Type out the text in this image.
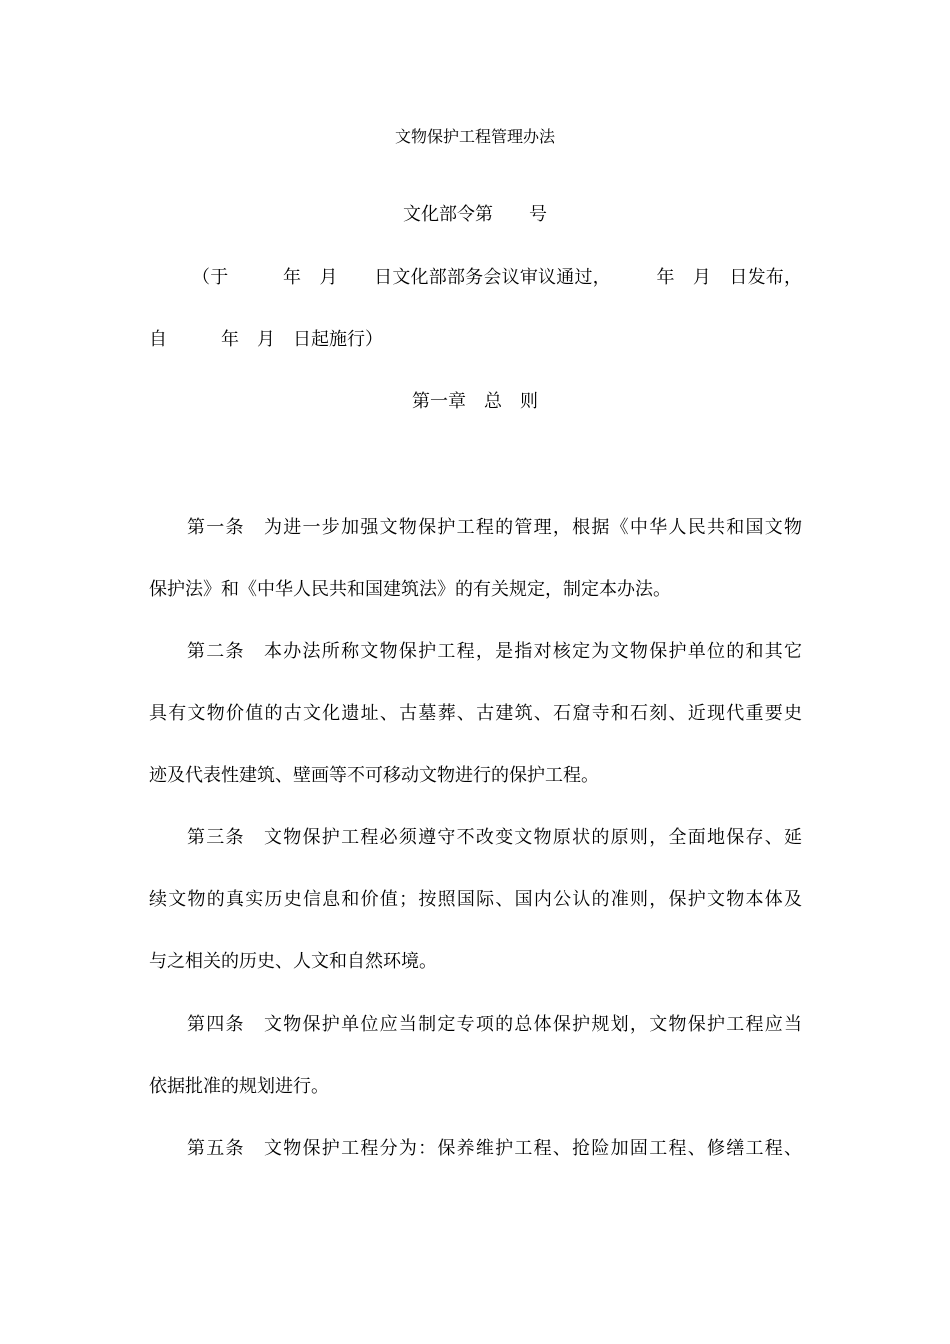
文物保护工程管理办法
文化部令第　　号
（于　　　年　月　　日文化部部务会议审议通过，　　　年　月　日发布，
自　　　年　月　日起施行）
第一章　总　则
第一条　为进一步加强文物保护工程的管理，根据《中华人民共和国文物
保护法》和《中华人民共和国建筑法》的有关规定，制定本办法。
第二条　本办法所称文物保护工程，是指对核定为文物保护单位的和其它
具有文物价值的古文化遗址、古墓葬、古建筑、石窟寺和石刻、近现代重要史
迹及代表性建筑、壁画等不可移动文物进行的保护工程。
第三条　文物保护工程必须遵守不改变文物原状的原则，全面地保存、延
续文物的真实历史信息和价值；按照国际、国内公认的准则，保护文物本体及
与之相关的历史、人文和自然环境。
第四条　文物保护单位应当制定专项的总体保护规划，文物保护工程应当
依据批准的规划进行。
第五条　文物保护工程分为：保养维护工程、抢险加固工程、修缮工程、
